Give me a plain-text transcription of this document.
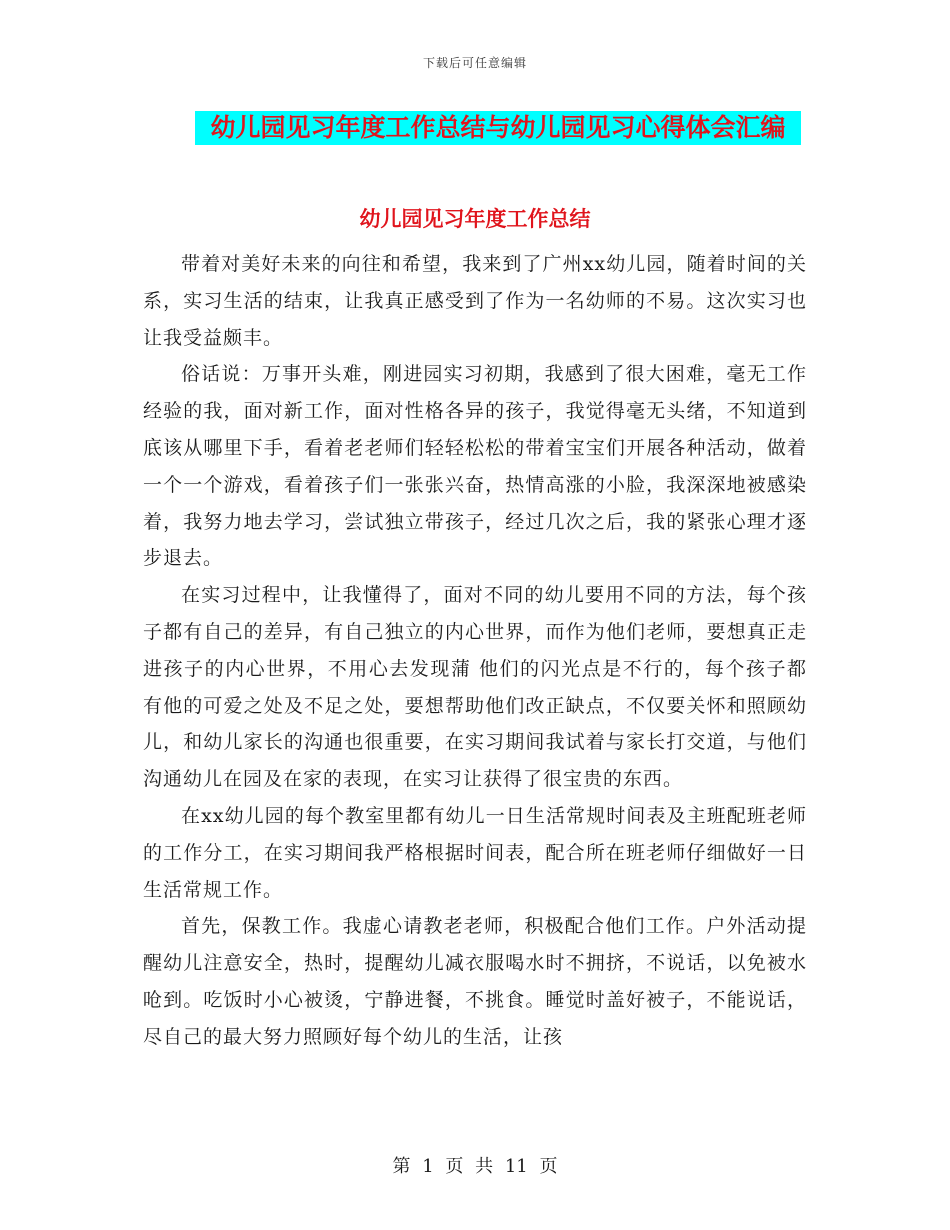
下载后可任意编辑
幼儿园见习年度工作总结与幼儿园见习心得体会汇编
幼儿园见习年度工作总结

带着对美好未来的向往和希望，我来到了广州xx幼儿园，随着时间的关系，实习生活的结束，让我真正感受到了作为一名幼师的不易。这次实习也让我受益颇丰。

俗话说：万事开头难，刚进园实习初期，我感到了很大困难，毫无工作经验的我，面对新工作，面对性格各异的孩子，我觉得毫无头绪，不知道到底该从哪里下手，看着老老师们轻轻松松的带着宝宝们开展各种活动，做着一个一个游戏，看着孩子们一张张兴奋，热情高涨的小脸，我深深地被感染着，我努力地去学习，尝试独立带孩子，经过几次之后，我的紧张心理才逐步退去。

在实习过程中，让我懂得了，面对不同的幼儿要用不同的方法，每个孩子都有自己的差异，有自己独立的内心世界，而作为他们老师，要想真正走进孩子的内心世界，不用心去发现蒲 他们的闪光点是不行的，每个孩子都有他的可爱之处及不足之处，要想帮助他们改正缺点，不仅要关怀和照顾幼儿，和幼儿家长的沟通也很重要，在实习期间我试着与家长打交道，与他们沟通幼儿在园及在家的表现，在实习让获得了很宝贵的东西。

在xx幼儿园的每个教室里都有幼儿一日生活常规时间表及主班配班老师的工作分工，在实习期间我严格根据时间表，配合所在班老师仔细做好一日生活常规工作。

首先，保教工作。我虚心请教老老师，积极配合他们工作。户外活动提醒幼儿注意安全，热时，提醒幼儿减衣服喝水时不拥挤，不说话，以免被水呛到。吃饭时小心被烫，宁静进餐，不挑食。睡觉时盖好被子，不能说话，尽自己的最大努力照顾好每个幼儿的生活，让孩

第 1 页 共 11 页
